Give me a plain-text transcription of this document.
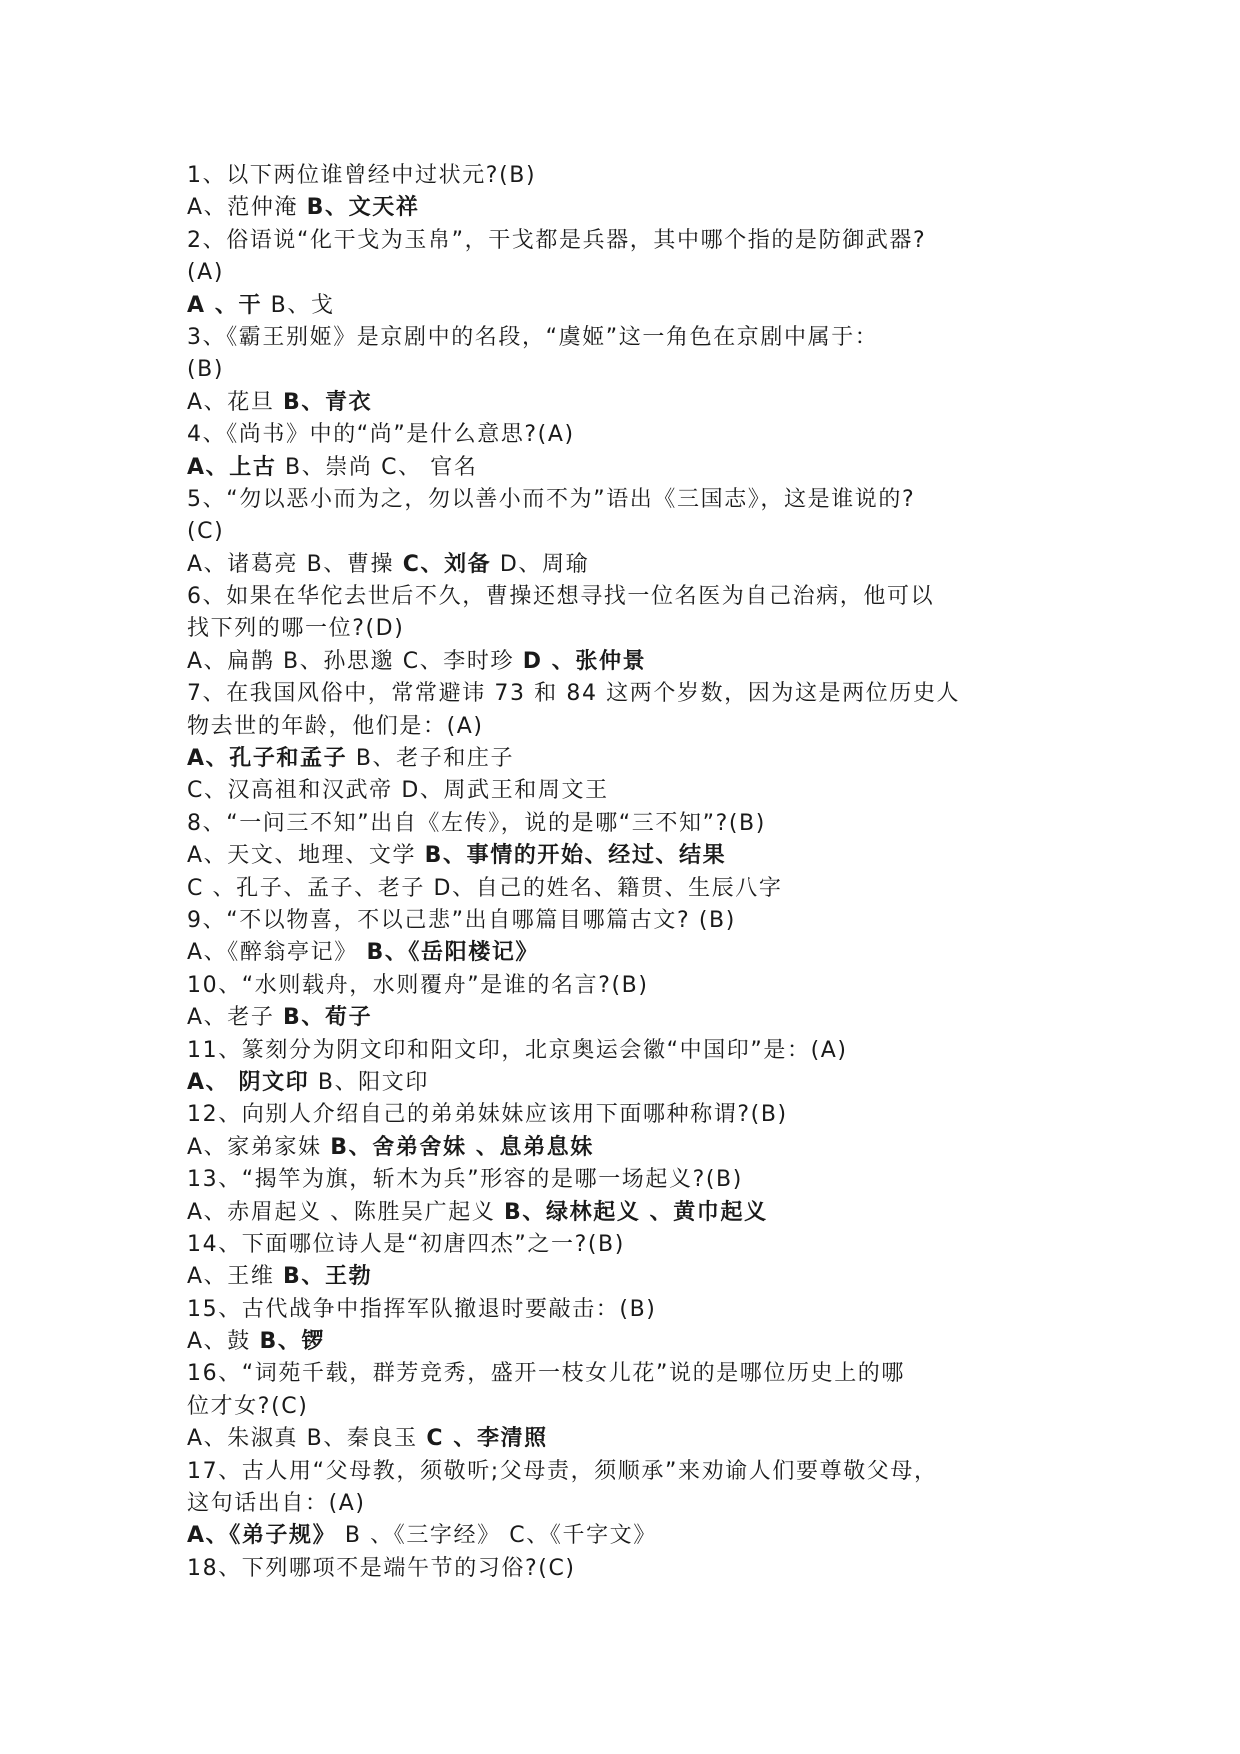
1、以下两位谁曾经中过状元?(B)
A、范仲淹 B、文天祥
2、俗语说“化干戈为玉帛”，干戈都是兵器，其中哪个指的是防御武器?
(A)
A 、干 B、戈
3、《霸王别姬》是京剧中的名段，“虞姬”这一角色在京剧中属于：
(B)
A、花旦 B、青衣
4、《尚书》中的“尚”是什么意思?(A)
A、上古 B、崇尚 C、 官名
5、“勿以恶小而为之，勿以善小而不为”语出《三国志》，这是谁说的?
(C)
A、诸葛亮 B、曹操 C、刘备 D、周瑜
6、如果在华佗去世后不久，曹操还想寻找一位名医为自己治病，他可以
找下列的哪一位?(D)
A、扁鹊 B、孙思邈 C、李时珍 D 、张仲景
7、在我国风俗中，常常避讳 73 和 84 这两个岁数，因为这是两位历史人
物去世的年龄，他们是：(A)
A、孔子和孟子 B、老子和庄子
C、汉高祖和汉武帝 D、周武王和周文王
8、“一问三不知”出自《左传》，说的是哪“三不知”?(B)
A、天文、地理、文学 B、事情的开始、经过、结果
C 、孔子、孟子、老子 D、自己的姓名、籍贯、生辰八字
9、“不以物喜，不以己悲”出自哪篇目哪篇古文? (B)
A、《醉翁亭记》 B、《岳阳楼记》
10、“水则载舟，水则覆舟”是谁的名言?(B)
A、老子 B、荀子
11、篆刻分为阴文印和阳文印，北京奥运会徽“中国印”是：(A)
A、 阴文印 B、阳文印
12、向别人介绍自己的弟弟妹妹应该用下面哪种称谓?(B)
A、家弟家妹 B、舍弟舍妹 、息弟息妹
13、“揭竿为旗，斩木为兵”形容的是哪一场起义?(B)
A、赤眉起义 、陈胜吴广起义 B、绿林起义 、黄巾起义
14、下面哪位诗人是“初唐四杰”之一?(B)
A、王维 B、王勃
15、古代战争中指挥军队撤退时要敲击：(B)
A、鼓 B、锣
16、“词苑千载，群芳竞秀，盛开一枝女儿花”说的是哪位历史上的哪
位才女?(C)
A、朱淑真 B、秦良玉 C 、李清照
17、古人用“父母教，须敬听;父母责，须顺承”来劝谕人们要尊敬父母，
这句话出自：(A)
A、《弟子规》 B 、《三字经》 C、《千字文》
18、下列哪项不是端午节的习俗?(C)
